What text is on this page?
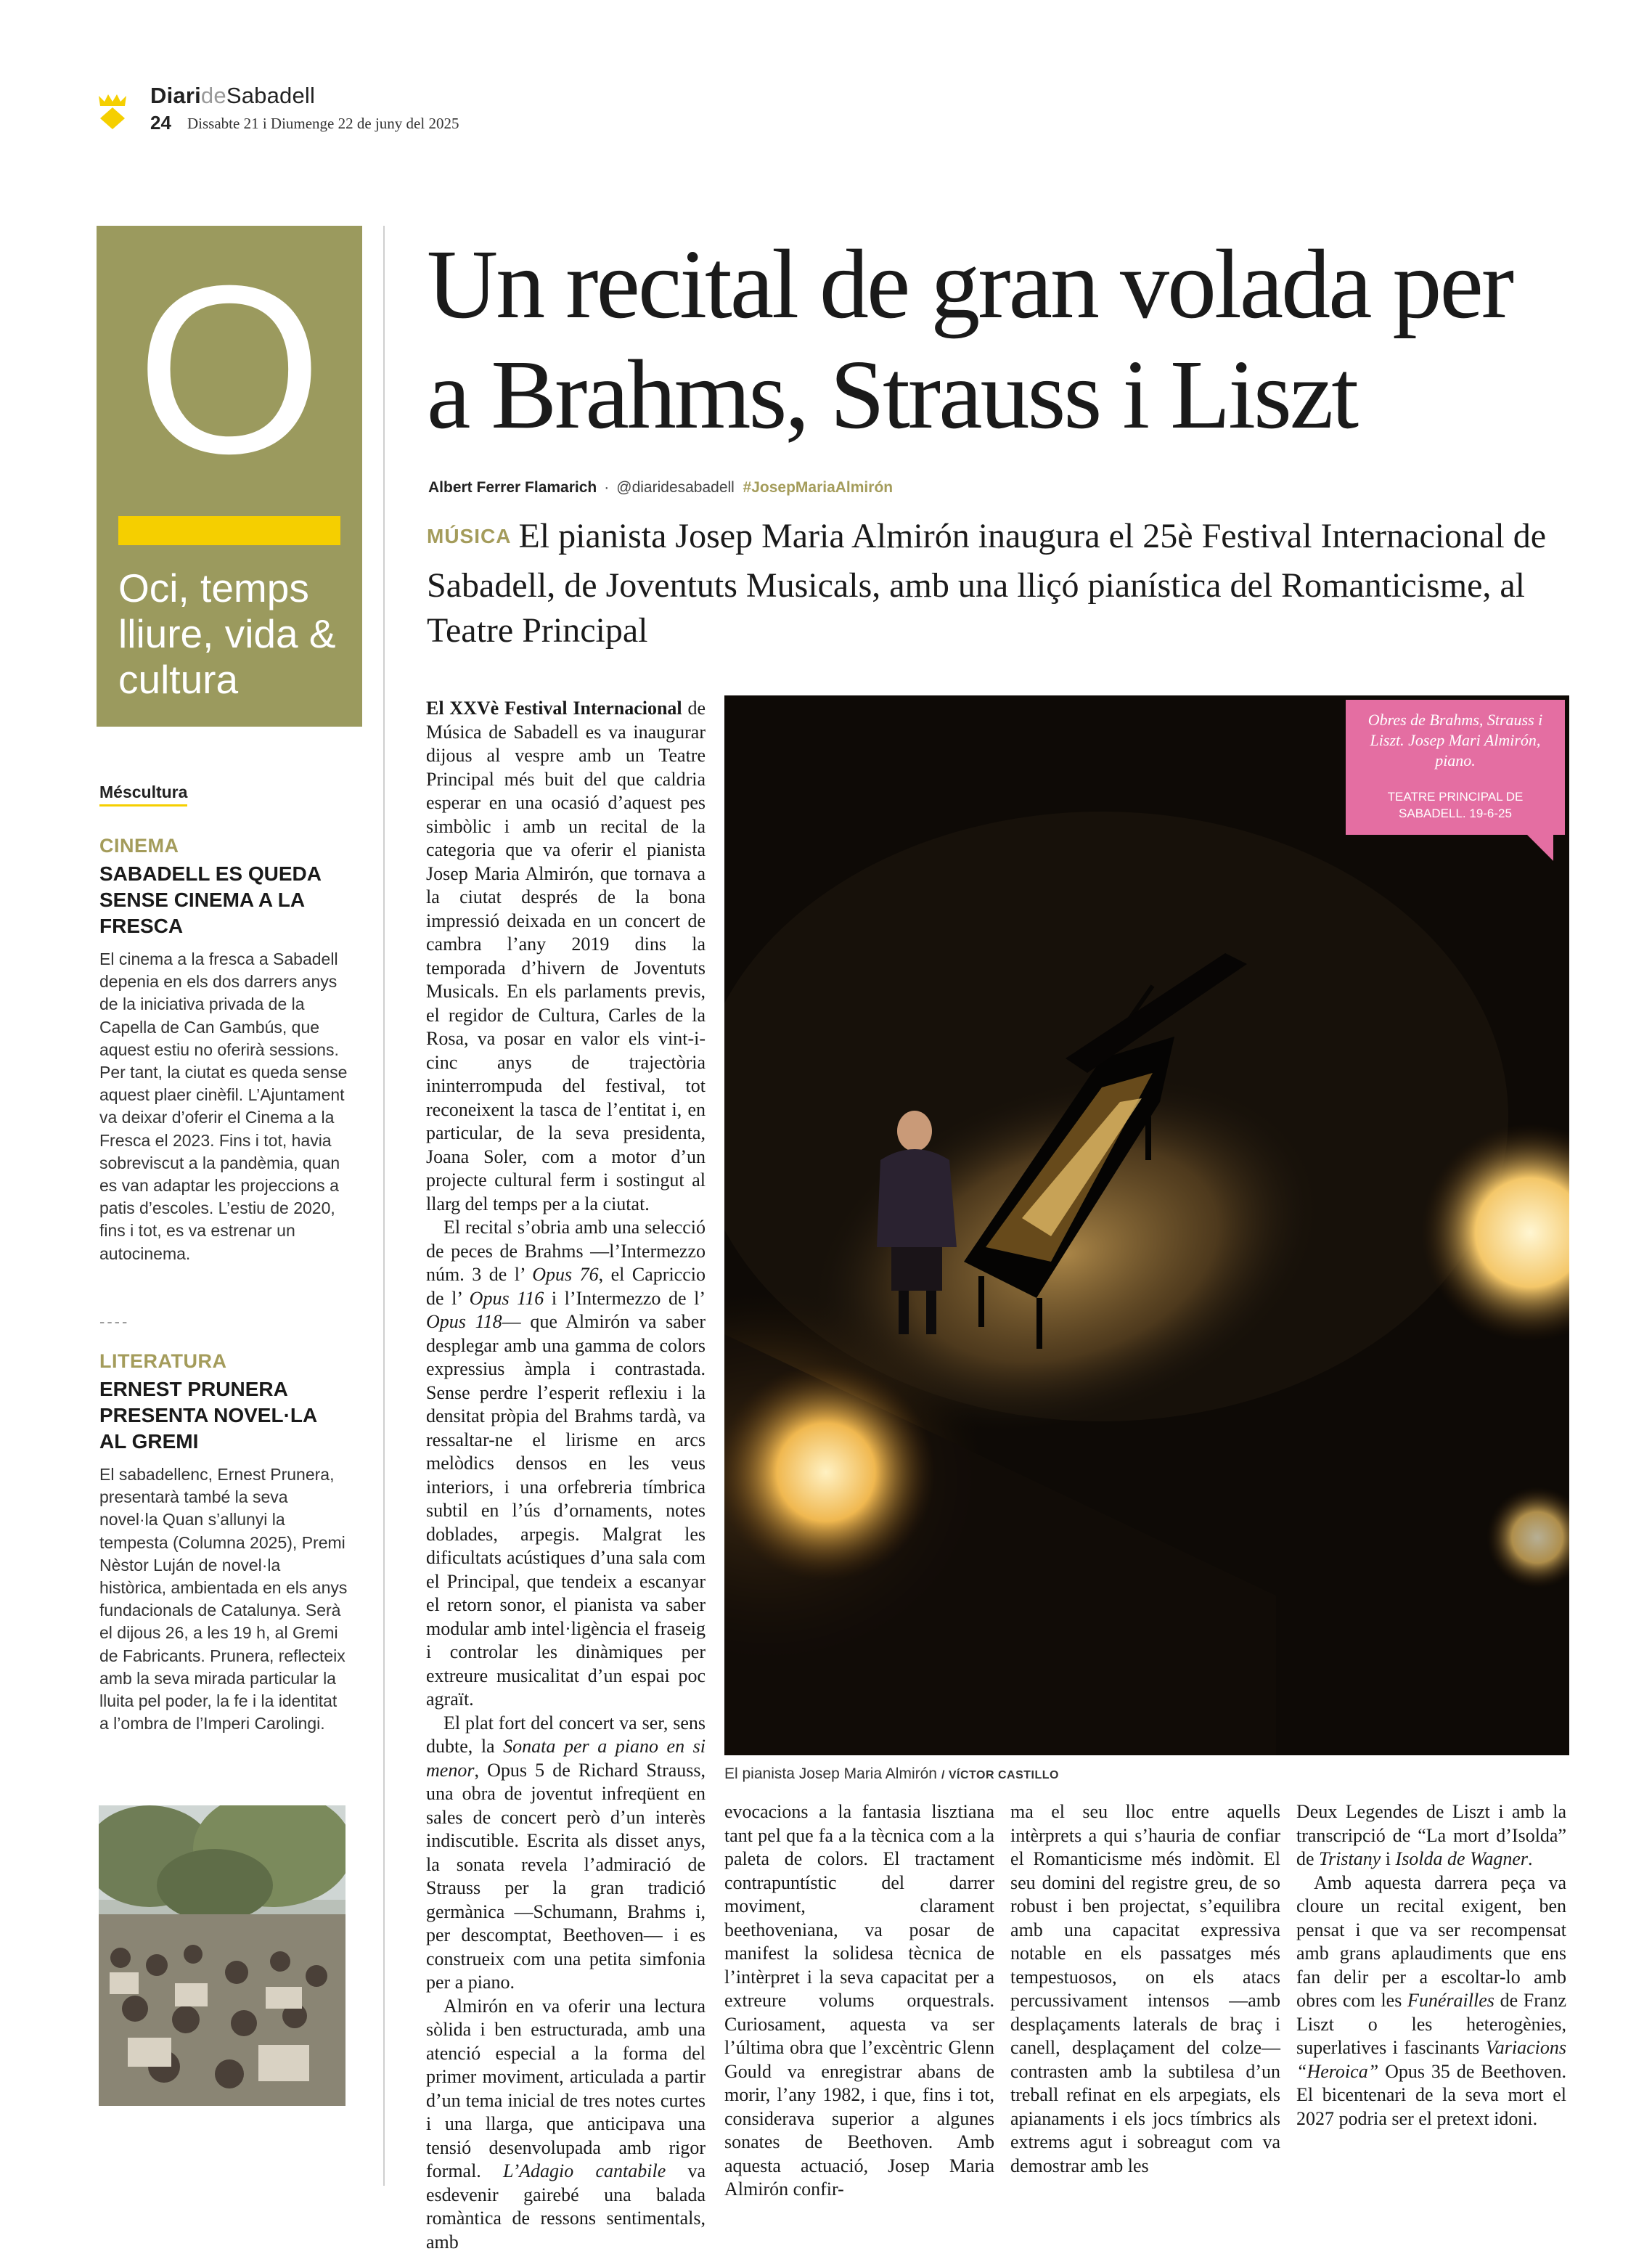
DiarideSabadell
24 Dissabte 21 i Diumenge 22 de juny del 2025
O
Oci, temps lliure, vida & cultura
Méscultura
CINEMA
SABADELL ES QUEDA SENSE CINEMA A LA FRESCA
El cinema a la fresca a Sabadell depenia en els dos darrers anys de la iniciativa privada de la Capella de Can Gambús, que aquest estiu no oferirà sessions. Per tant, la ciutat es queda sense aquest plaer cinèfil. L’Ajuntament va deixar d’oferir el Cinema a la Fresca el 2023. Fins i tot, havia sobreviscut a la pandèmia, quan es van adaptar les projeccions a patis d’escoles. L’estiu de 2020, fins i tot, es va estrenar un autocinema.
----
LITERATURA
ERNEST PRUNERA PRESENTA NOVEL·LA AL GREMI
El sabadellenc, Ernest Prunera, presentarà també la seva novel·la Quan s’allunyi la tempesta (Columna 2025), Premi Nèstor Luján de novel·la històrica, ambientada en els anys fundacionals de Catalunya. Serà el dijous 26, a les 19 h, al Gremi de Fabricants. Prunera, reflecteix amb la seva mirada particular la lluita pel poder, la fe i la identitat a l’ombra de l’Imperi Carolingi.
Un recital de gran volada per a Brahms, Strauss i Liszt
Albert Ferrer Flamarich · @diaridesabadell #JosepMariaAlmirón
MÚSICA El pianista Josep Maria Almirón inaugura el 25è Festival Internacional de Sabadell, de Joventuts Musicals, amb una lliçó pianística del Romanticisme, al Teatre Principal

El XXVè Festival Internacional de Música de Sabadell es va inaugurar dijous al vespre amb un Teatre Principal més buit del que caldria esperar en una ocasió d’aquest pes simbòlic i amb un recital de la categoria que va oferir el pianista Josep Maria Almirón, que tornava a la ciutat després de la bona impressió deixada en un concert de cambra l’any 2019 dins la temporada d’hivern de Joventuts Musicals. En els parlaments previs, el regidor de Cultura, Carles de la Rosa, va posar en valor els vint-i-cinc anys de trajectòria ininterrompuda del festival, tot reconeixent la tasca de l’entitat i, en particular, de la seva presidenta, Joana Soler, com a motor d’un projecte cultural ferm i sostingut al llarg del temps per a la ciutat.

El recital s’obria amb una selecció de peces de Brahms —l’Intermezzo núm. 3 de l’ Opus 76, el Capriccio de l’ Opus 116 i l’Intermezzo de l’ Opus 118— que Almirón va saber desplegar amb una gamma de colors expressius àmpla i contrastada. Sense perdre l’esperit reflexiu i la densitat pròpia del Brahms tardà, va ressaltar-ne el lirisme en arcs melòdics densos en les veus interiors, i una orfebreria tímbrica subtil en l’ús d’ornaments, notes doblades, arpegis. Malgrat les dificultats acústiques d’una sala com el Principal, que tendeix a escanyar el retorn sonor, el pianista va saber modular amb intel·ligència el fraseig i controlar les dinàmiques per extreure musicalitat d’un espai poc agraït.

El plat fort del concert va ser, sens dubte, la Sonata per a piano en si menor, Opus 5 de Richard Strauss, una obra de joventut infreqüent en sales de concert però d’un interès indiscutible. Escrita als disset anys, la sonata revela l’admiració de Strauss per la gran tradició germànica —Schumann, Brahms i, per descomptat, Beethoven— i es construeix com una petita simfonia per a piano.

Almirón en va oferir una lectura sòlida i ben estructurada, amb una atenció especial a la forma del primer moviment, articulada a partir d’un tema inicial de tres notes curtes i una llarga, que anticipava una tensió desenvolupada amb rigor formal. L’Adagio cantabile va esdevenir gairebé una balada romàntica de ressons sentimentals, amb

El pianista Josep Maria Almirón / VÍCTOR CASTILLO
Obres de Brahms, Strauss i Liszt. Josep Mari Almirón, piano.
TEATRE PRINCIPAL DE SABADELL. 19-6-25

evocacions a la fantasia lisztiana tant pel que fa a la tècnica com a la paleta de colors. El tractament contrapuntístic del darrer moviment, clarament beethoveniana, va posar de manifest la solidesa tècnica de l’intèrpret i la seva capacitat per a extreure volums orquestrals. Curiosament, aquesta va ser l’última obra que l’excèntric Glenn Gould va enregistrar abans de morir, l’any 1982, i que, fins i tot, considerava superior a algunes sonates de Beethoven. Amb aquesta actuació, Josep Maria Almirón confir-

ma el seu lloc entre aquells intèrprets a qui s’hauria de confiar el Romanticisme més indòmit. El seu domini del registre greu, de so robust i ben projectat, s’equilibra amb una capacitat expressiva notable en els passatges més tempestuosos, on els atacs percussivament intensos —amb desplaçaments laterals de braç i canell, desplaçament del colze— contrasten amb la subtilesa d’un treball refinat en els arpegiats, els apianaments i els jocs tímbrics als extrems agut i sobreagut com va demostrar amb les

Deux Legendes de Liszt i amb la transcripció de “La mort d’Isolda” de Tristany i Isolda de Wagner.

Amb aquesta darrera peça va cloure un recital exigent, ben pensat i que va ser recompensat amb grans aplaudiments que ens fan delir per a escoltar-lo amb obres com les Funérailles de Franz Liszt o les heterogènies, superlatives i fascinants Variacions “Heroica” Opus 35 de Beethoven. El bicentenari de la seva mort el 2027 podria ser el pretext idoni.
